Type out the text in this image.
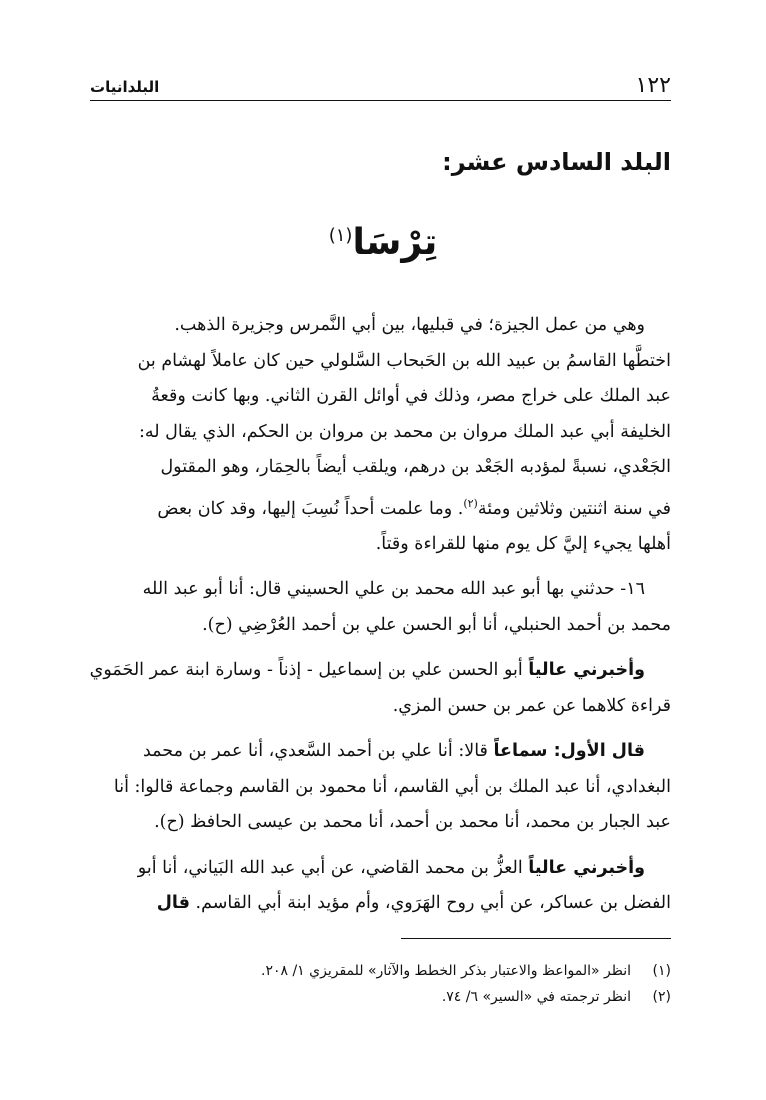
١٢٢
البلدانيات
البلد السادس عشر:
تِرْسَا$^{(١)}$

وهي من عمل الجيزة؛ في قبليها، بين أبي النَّمرس وجزيرة الذهب.

اختطَّها القاسمُ بن عبيد الله بن الحَبحاب السَّلولي حين كان عاملاً لهشام بن

عبد الملك على خراج مصر، وذلك في أوائل القرن الثاني. وبها كانت وقعةُ

الخليفة أبي عبد الملك مروان بن محمد بن مروان بن الحكم، الذي يقال له:

الجَعْدي، نسبةً لمؤدبه الجَعْد بن درهم، ويلقب أيضاً بالحِمَار، وهو المقتول

في سنة اثنتين وثلاثين ومئة$^{(٢)}$. وما علمت أحداً نُسِبَ إليها، وقد كان بعض

أهلها يجيء إليَّ كل يوم منها للقراءة وقتاً.

١٦- حدثني بها أبو عبد الله محمد بن علي الحسيني قال: أنا أبو عبد الله

محمد بن أحمد الحنبلي، أنا أبو الحسن علي بن أحمد العُرْضِي (ح).

وأخبرني عالياً أبو الحسن علي بن إسماعيل - إذناً - وسارة ابنة عمر الحَمَوي

قراءة كلاهما عن عمر بن حسن المزي.

قال الأول: سماعاً قالا: أنا علي بن أحمد السَّعدي، أنا عمر بن محمد

البغدادي، أنا عبد الملك بن أبي القاسم، أنا محمود بن القاسم وجماعة قالوا: أنا

عبد الجبار بن محمد، أنا محمد بن أحمد، أنا محمد بن عيسى الحافظ (ح).

وأخبرني عالياً العزُّ بن محمد القاضي، عن أبي عبد الله البَياني، أنا أبو

الفضل بن عساكر، عن أبي روح الهَرَوي، وأم مؤيد ابنة أبي القاسم. قال

(١)
انظر «المواعظ والاعتبار بذكر الخطط والآثار» للمقريزي ١/ ٢٠٨.
(٢)
انظر ترجمته في «السير» ٦/ ٧٤.
